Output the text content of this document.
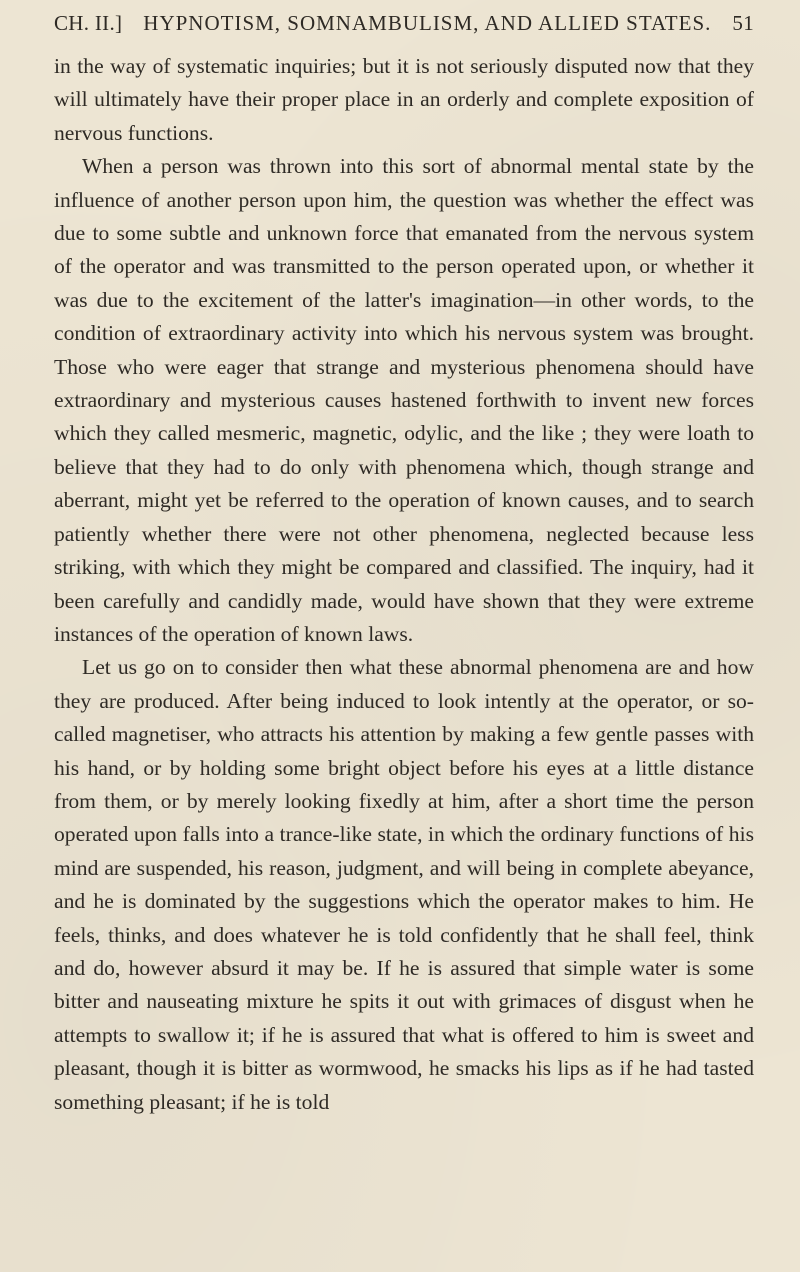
CH. II.] HYPNOTISM, SOMNAMBULISM, AND ALLIED STATES. 51

in the way of systematic inquiries; but it is not seriously disputed now that they will ultimately have their proper place in an orderly and complete exposition of nervous functions.

When a person was thrown into this sort of abnormal mental state by the influence of another person upon him, the question was whether the effect was due to some subtle and unknown force that emanated from the nervous system of the operator and was transmitted to the person operated upon, or whether it was due to the excitement of the latter's imagination—in other words, to the condition of extraordinary activity into which his nervous system was brought. Those who were eager that strange and mysterious phenomena should have extraordinary and mysterious causes hastened forthwith to invent new forces which they called mesmeric, magnetic, odylic, and the like ; they were loath to believe that they had to do only with phenomena which, though strange and aberrant, might yet be referred to the operation of known causes, and to search patiently whether there were not other phenomena, neglected because less striking, with which they might be compared and classified. The inquiry, had it been carefully and candidly made, would have shown that they were extreme instances of the operation of known laws.

Let us go on to consider then what these abnormal phenomena are and how they are produced. After being induced to look intently at the operator, or so-called magnetiser, who attracts his attention by making a few gentle passes with his hand, or by holding some bright object before his eyes at a little distance from them, or by merely looking fixedly at him, after a short time the person operated upon falls into a trance-like state, in which the ordinary functions of his mind are suspended, his reason, judgment, and will being in complete abeyance, and he is dominated by the suggestions which the operator makes to him. He feels, thinks, and does whatever he is told confidently that he shall feel, think and do, however absurd it may be. If he is assured that simple water is some bitter and nauseating mixture he spits it out with grimaces of disgust when he attempts to swallow it; if he is assured that what is offered to him is sweet and pleasant, though it is bitter as wormwood, he smacks his lips as if he had tasted something pleasant; if he is told
